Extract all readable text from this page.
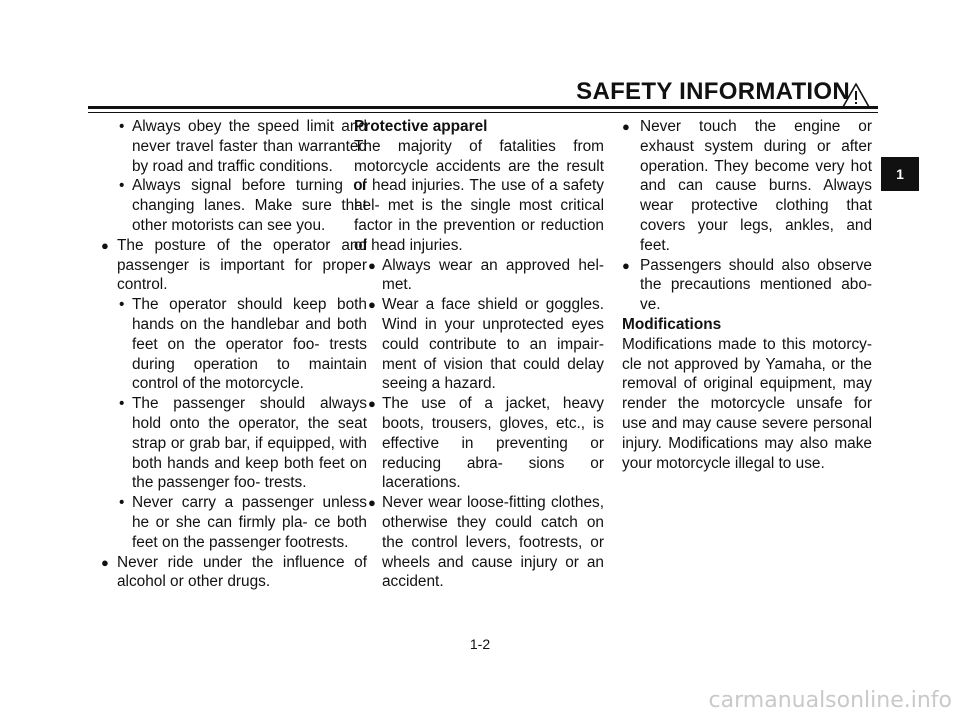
SAFETY INFORMATION

• Always obey the speed limit and never travel faster than warranted by road and traffic conditions.

• Always signal before turning or changing lanes. Make sure that other motorists can see you.

● The posture of the operator and passenger is important for proper control.

• The operator should keep both hands on the handlebar and both feet on the operator foo- trests during operation to maintain control of the motorcycle.

• The passenger should always hold onto the operator, the seat strap or grab bar, if equipped, with both hands and keep both feet on the passenger foo- trests.

• Never carry a passenger unless he or she can firmly pla- ce both feet on the passenger footrests.

● Never ride under the influence of alcohol or other drugs.

Protective apparel

The majority of fatalities from motorcycle accidents are the result of head injuries. The use of a safety hel- met is the single most critical factor in the prevention or reduction of head injuries.

● Always wear an approved hel- met.

● Wear a face shield or goggles. Wind in your unprotected eyes could contribute to an impair- ment of vision that could delay seeing a hazard.

● The use of a jacket, heavy boots, trousers, gloves, etc., is effective in preventing or reducing abra- sions or lacerations.

● Never wear loose-fitting clothes, otherwise they could catch on the control levers, footrests, or wheels and cause injury or an accident.

● Never touch the engine or exhaust system during or after operation. They become very hot and can cause burns. Always wear protective clothing that covers your legs, ankles, and feet.

● Passengers should also observe the precautions mentioned abo- ve.

Modifications

Modifications made to this motorcy- cle not approved by Yamaha, or the removal of original equipment, may render the motorcycle unsafe for use and may cause severe personal injury. Modifications may also make your motorcycle illegal to use.

1
1-2
carmanualsonline.info
